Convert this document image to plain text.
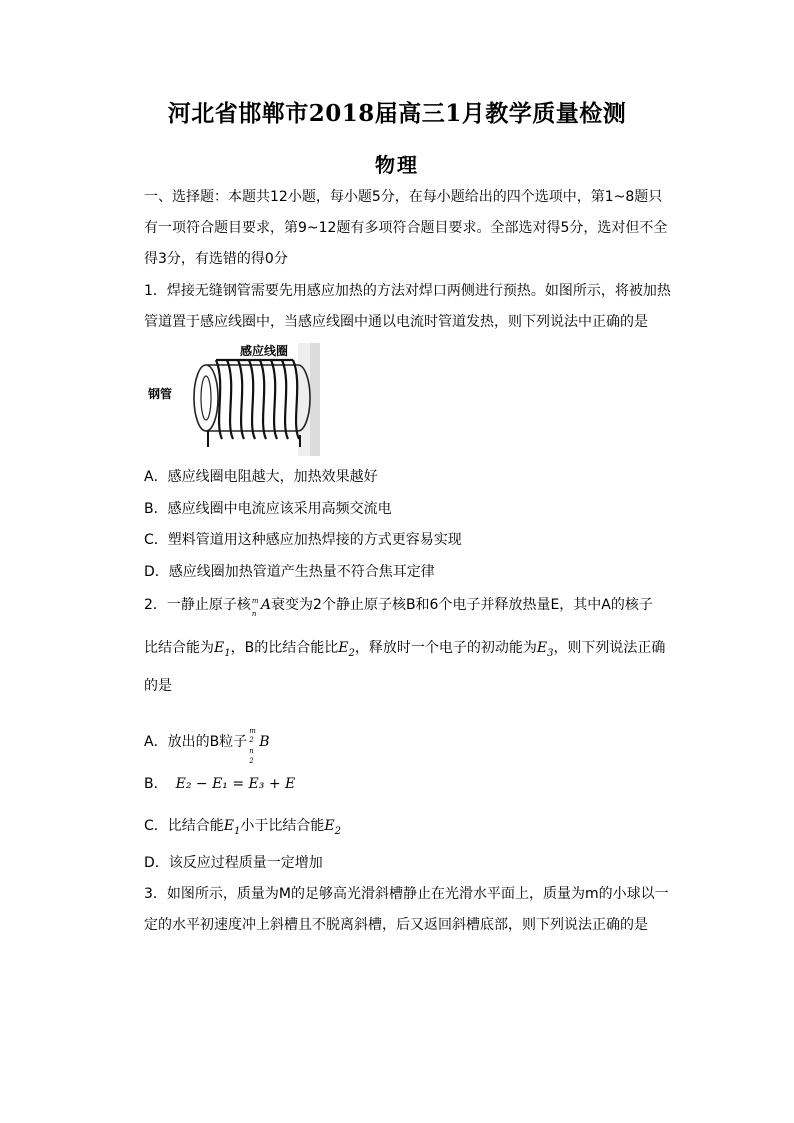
河北省邯郸市2018届高三1月教学质量检测
物理
一、选择题：本题共12小题，每小题5分，在每小题给出的四个选项中，第1~8题只
有一项符合题目要求，第9~12题有多项符合题目要求。全部选对得5分，选对但不全
得3分，有选错的得0分
1．焊接无缝钢管需要先用感应加热的方法对焊口两侧进行预热。如图所示，将被加热
管道置于感应线圈中，当感应线圈中通以电流时管道发热，则下列说法中正确的是
感应线圈
钢管
A．感应线圈电阻越大，加热效果越好
B．感应线圈中电流应该采用高频交流电
C．塑料管道用这种感应加热焊接的方式更容易实现
D．感应线圈加热管道产生热量不符合焦耳定律
2．一静止原子核 m
n
A衰变为2个静止原子核B和6个电子并释放热量E，其中A的核子
比结合能为$E_1$，B的比结合能比$E_2$，释放时一个电子的初动能为$E_3$，则下列说法正确
的是
A．放出的B粒子
m
2
n
2
B
B． E₂ − E₁ = E₃ + E
C．比结合能$E_1$小于比结合能$E_2$
D．该反应过程质量一定增加
3．如图所示，质量为M的足够高光滑斜槽静止在光滑水平面上，质量为m的小球以一
定的水平初速度冲上斜槽且不脱离斜槽，后又返回斜槽底部，则下列说法正确的是
